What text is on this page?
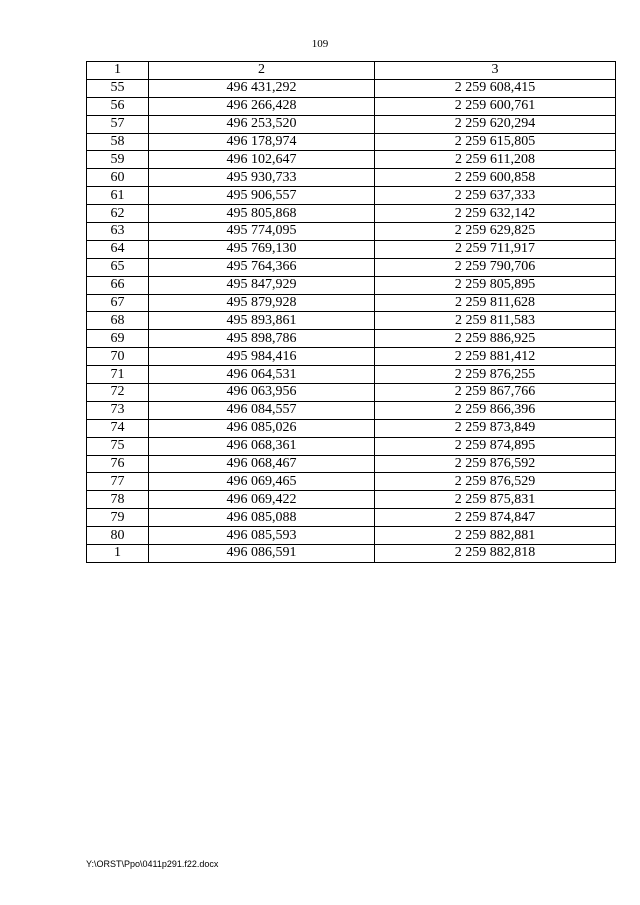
109
1	2	3
55	496 431,292	2 259 608,415
56	496 266,428	2 259 600,761
57	496 253,520	2 259 620,294
58	496 178,974	2 259 615,805
59	496 102,647	2 259 611,208
60	495 930,733	2 259 600,858
61	495 906,557	2 259 637,333
62	495 805,868	2 259 632,142
63	495 774,095	2 259 629,825
64	495 769,130	2 259 711,917
65	495 764,366	2 259 790,706
66	495 847,929	2 259 805,895
67	495 879,928	2 259 811,628
68	495 893,861	2 259 811,583
69	495 898,786	2 259 886,925
70	495 984,416	2 259 881,412
71	496 064,531	2 259 876,255
72	496 063,956	2 259 867,766
73	496 084,557	2 259 866,396
74	496 085,026	2 259 873,849
75	496 068,361	2 259 874,895
76	496 068,467	2 259 876,592
77	496 069,465	2 259 876,529
78	496 069,422	2 259 875,831
79	496 085,088	2 259 874,847
80	496 085,593	2 259 882,881
1	496 086,591	2 259 882,818
Y:\ORST\Ppo\0411p291.f22.docx
